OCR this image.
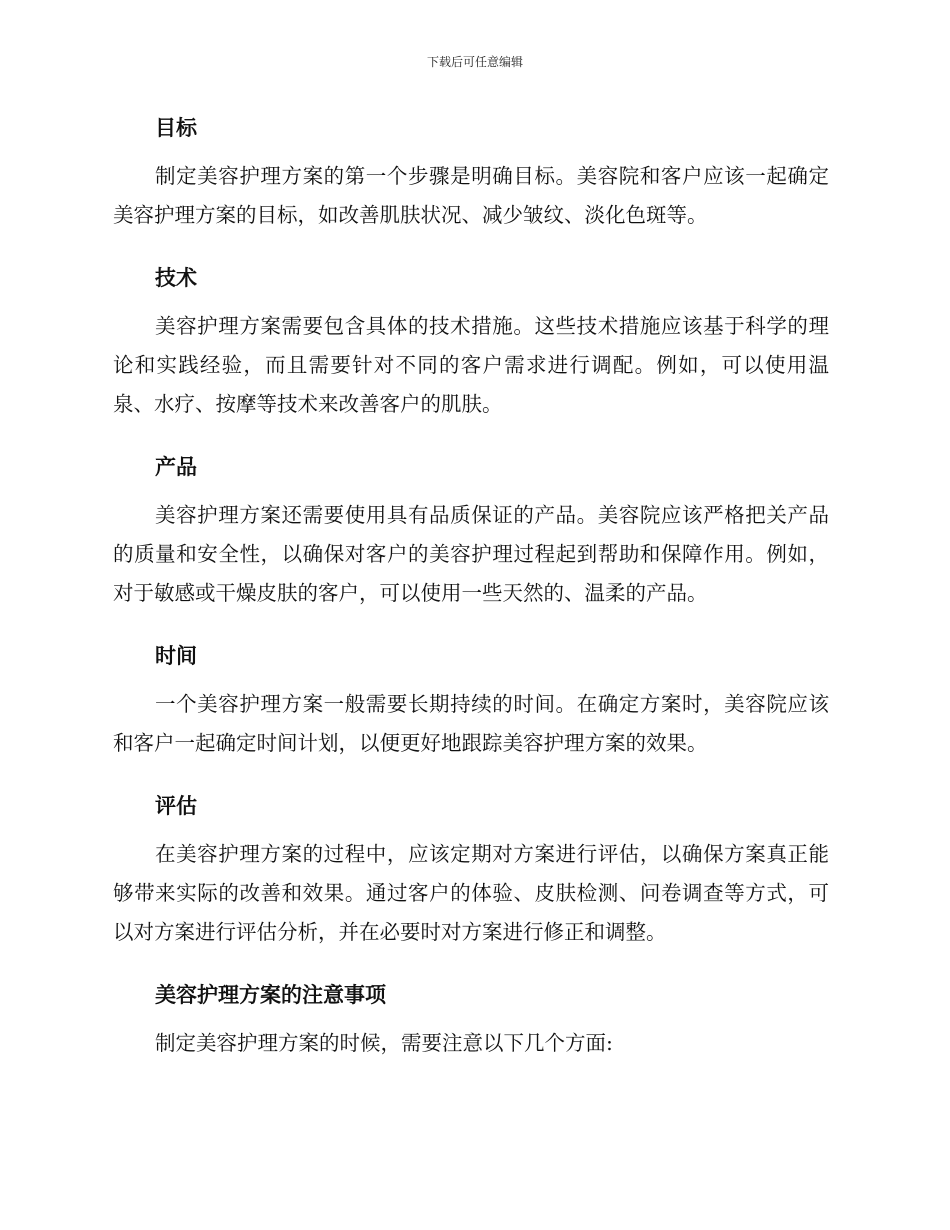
下载后可任意编辑
目标

制定美容护理方案的第一个步骤是明确目标。美容院和客户应该一起确定美容护理方案的目标，如改善肌肤状况、减少皱纹、淡化色斑等。

技术

美容护理方案需要包含具体的技术措施。这些技术措施应该基于科学的理论和实践经验，而且需要针对不同的客户需求进行调配。例如，可以使用温泉、水疗、按摩等技术来改善客户的肌肤。

产品

美容护理方案还需要使用具有品质保证的产品。美容院应该严格把关产品的质量和安全性，以确保对客户的美容护理过程起到帮助和保障作用。例如，对于敏感或干燥皮肤的客户，可以使用一些天然的、温柔的产品。

时间

一个美容护理方案一般需要长期持续的时间。在确定方案时，美容院应该和客户一起确定时间计划，以便更好地跟踪美容护理方案的效果。

评估

在美容护理方案的过程中，应该定期对方案进行评估，以确保方案真正能够带来实际的改善和效果。通过客户的体验、皮肤检测、问卷调查等方式，可以对方案进行评估分析，并在必要时对方案进行修正和调整。

美容护理方案的注意事项

制定美容护理方案的时候，需要注意以下几个方面:
